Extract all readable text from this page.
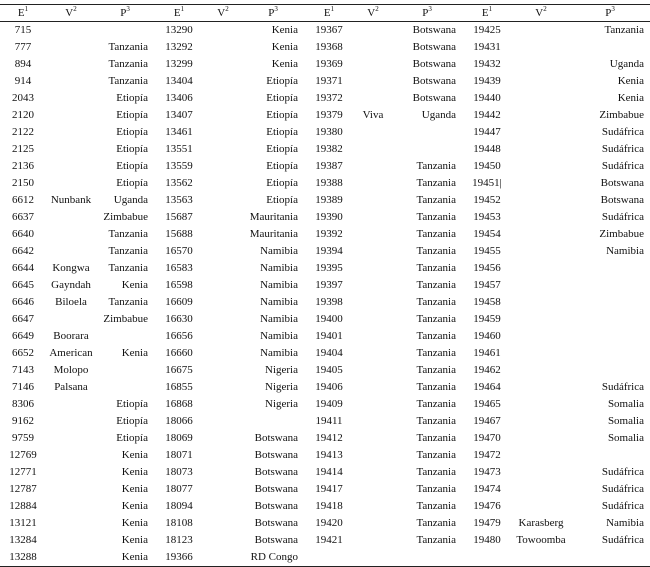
$E^1$	$V^2$	$P^3$	$E^1$	$V^2$	$P^3$	$E^1$	$V^2$	$P^3$	$E^1$	$V^2$	$P^3$
715			13290		Kenia	19367		Botswana	19425		Tanzania
777		Tanzania	13292		Kenia	19368		Botswana	19431		
894		Tanzania	13299		Kenia	19369		Botswana	19432		Uganda
914		Tanzania	13404		Etiopía	19371		Botswana	19439		Kenia
2043		Etiopía	13406		Etiopía	19372		Botswana	19440		Kenia
2120		Etiopía	13407		Etiopía	19379	Viva	Uganda	19442		Zimbabue
2122		Etiopía	13461		Etiopía	19380			19447		Sudáfrica
2125		Etiopía	13551		Etiopía	19382			19448		Sudáfrica
2136		Etiopía	13559		Etiopía	19387		Tanzania	19450		Sudáfrica
2150		Etiopía	13562		Etiopía	19388		Tanzania	19451|		Botswana
6612	Nunbank	Uganda	13563		Etiopía	19389		Tanzania	19452		Botswana
6637		Zimbabue	15687		Mauritania	19390		Tanzania	19453		Sudáfrica
6640		Tanzania	15688		Mauritania	19392		Tanzania	19454		Zimbabue
6642		Tanzania	16570		Namibia	19394		Tanzania	19455		Namibia
6644	Kongwa	Tanzania	16583		Namibia	19395		Tanzania	19456		
6645	Gayndah	Kenia	16598		Namibia	19397		Tanzania	19457		
6646	Biloela	Tanzania	16609		Namibia	19398		Tanzania	19458		
6647		Zimbabue	16630		Namibia	19400		Tanzania	19459		
6649	Boorara		16656		Namibia	19401		Tanzania	19460		
6652	American	Kenia	16660		Namibia	19404		Tanzania	19461		
7143	Molopo		16675		Nigeria	19405		Tanzania	19462		
7146	Palsana		16855		Nigeria	19406		Tanzania	19464		Sudáfrica
8306		Etiopía	16868		Nigeria	19409		Tanzania	19465		Somalia
9162		Etiopía	18066			19411		Tanzania	19467		Somalia
9759		Etiopía	18069		Botswana	19412		Tanzania	19470		Somalia
12769		Kenia	18071		Botswana	19413		Tanzania	19472		
12771		Kenia	18073		Botswana	19414		Tanzania	19473		Sudáfrica
12787		Kenia	18077		Botswana	19417		Tanzania	19474		Sudáfrica
12884		Kenia	18094		Botswana	19418		Tanzania	19476		Sudáfrica
13121		Kenia	18108		Botswana	19420		Tanzania	19479	Karasberg	Namibia
13284		Kenia	18123		Botswana	19421		Tanzania	19480	Towoomba	Sudáfrica
13288		Kenia	19366		RD Congo						
